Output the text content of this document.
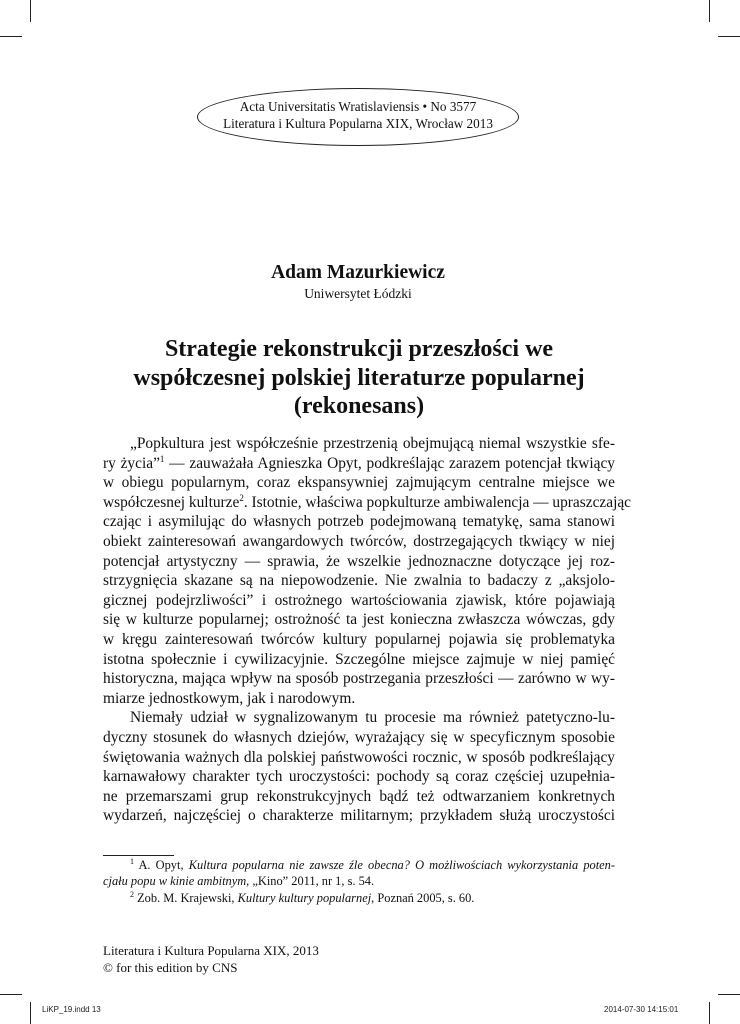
Acta Universitatis Wratislaviensis • No 3577
Literatura i Kultura Popularna XIX, Wrocław 2013
Adam Mazurkiewicz
Uniwersytet Łódzki
Strategie rekonstrukcji przeszłości we
współczesnej polskiej literaturze popularnej
(rekonesans)
„Popkultura jest współcześnie przestrzenią obejmującą niemal wszystkie sfe-
ry życia”$^1$ — zauważała Agnieszka Opyt, podkreślając zarazem potencjał tkwiący
w obiegu popularnym, coraz ekspansywniej zajmującym centralne miejsce we
współczesnej kulturze$^2$. Istotnie, właściwa popkulturze ambiwalencja — upraszczając
czając i asymilując do własnych potrzeb podejmowaną tematykę, sama stanowi
obiekt zainteresowań awangardowych twórców, dostrzegających tkwiący w niej
potencjał artystyczny — sprawia, że wszelkie jednoznaczne dotyczące jej roz-
strzygnięcia skazane są na niepowodzenie. Nie zwalnia to badaczy z „aksjolo-
gicznej podejrzliwości” i ostrożnego wartościowania zjawisk, które pojawiają
się w kulturze popularnej; ostrożność ta jest konieczna zwłaszcza wówczas, gdy
w kręgu zainteresowań twórców kultury popularnej pojawia się problematyka
istotna społecznie i cywilizacyjnie. Szczególne miejsce zajmuje w niej pamięć
historyczna, mająca wpływ na sposób postrzegania przeszłości — zarówno w wy-
miarze jednostkowym, jak i narodowym.
Niemały udział w sygnalizowanym tu procesie ma również patetyczno-lu-
dyczny stosunek do własnych dziejów, wyrażający się w specyficznym sposobie
świętowania ważnych dla polskiej państwowości rocznic, w sposób podkreślający
karnawałowy charakter tych uroczystości: pochody są coraz częściej uzupełnia-
ne przemarszami grup rekonstrukcyjnych bądź też odtwarzaniem konkretnych
wydarzeń, najczęściej o charakterze militarnym; przykładem służą uroczystości
$^1$ A. Opyt, Kultura popularna nie zawsze źle obecna? O możliwościach wykorzystania poten-
cjału popu w kinie ambitnym, „Kino” 2011, nr 1, s. 54.
$^2$ Zob. M. Krajewski, Kultury kultury popularnej, Poznań 2005, s. 60.
Literatura i Kultura Popularna XIX, 2013
© for this edition by CNS
LiKP_19.indd 13	2014-07-30 14:15:01
